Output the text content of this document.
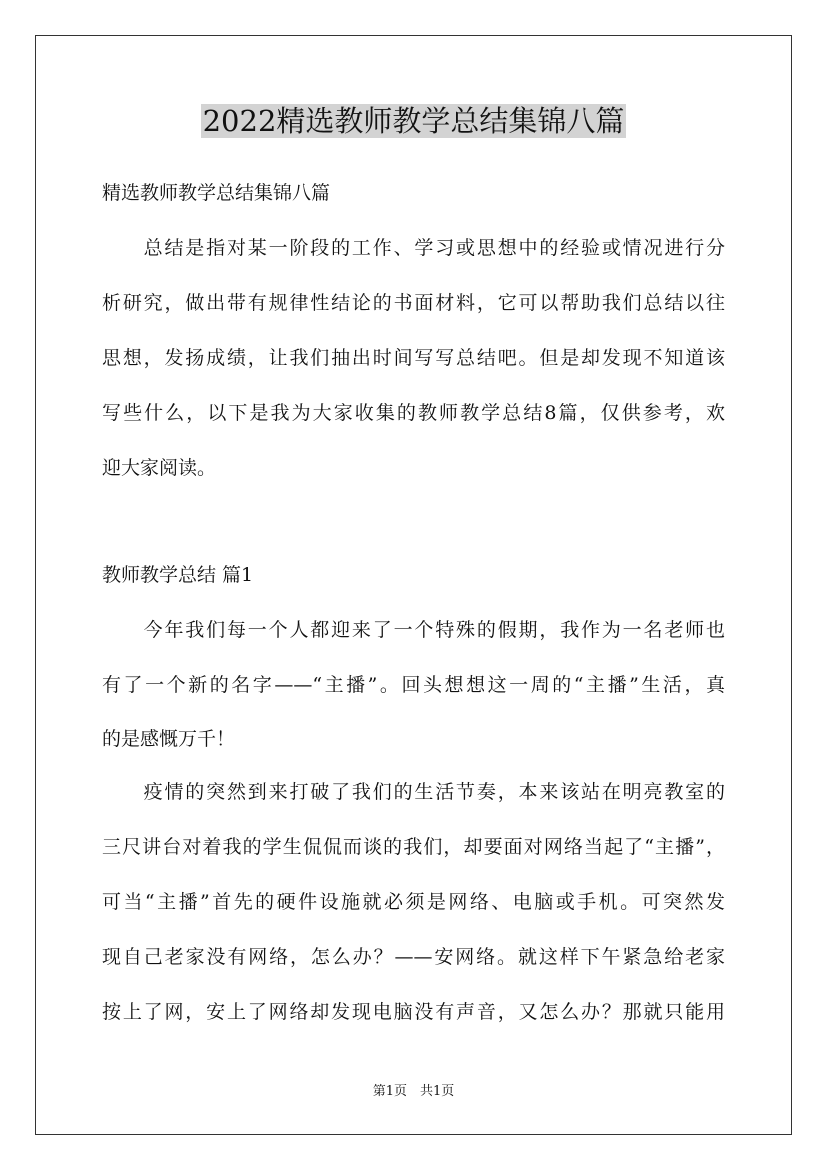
2022精选教师教学总结集锦八篇
精选教师教学总结集锦八篇
　　总结是指对某一阶段的工作、学习或思想中的经验或情况进行分
析研究，做出带有规律性结论的书面材料，它可以帮助我们总结以往
思想，发扬成绩，让我们抽出时间写写总结吧。但是却发现不知道该
写些什么，以下是我为大家收集的教师教学总结8篇，仅供参考，欢
迎大家阅读。
教师教学总结 篇1
　　今年我们每一个人都迎来了一个特殊的假期，我作为一名老师也
有了一个新的名字——“主播”。回头想想这一周的“主播”生活，真
的是感慨万千！
　　疫情的突然到来打破了我们的生活节奏，本来该站在明亮教室的
三尺讲台对着我的学生侃侃而谈的我们，却要面对网络当起了“主播”，
可当“主播”首先的硬件设施就必须是网络、电脑或手机。可突然发
现自己老家没有网络，怎么办？——安网络。就这样下午紧急给老家
按上了网，安上了网络却发现电脑没有声音，又怎么办？那就只能用
第1页　共1页
